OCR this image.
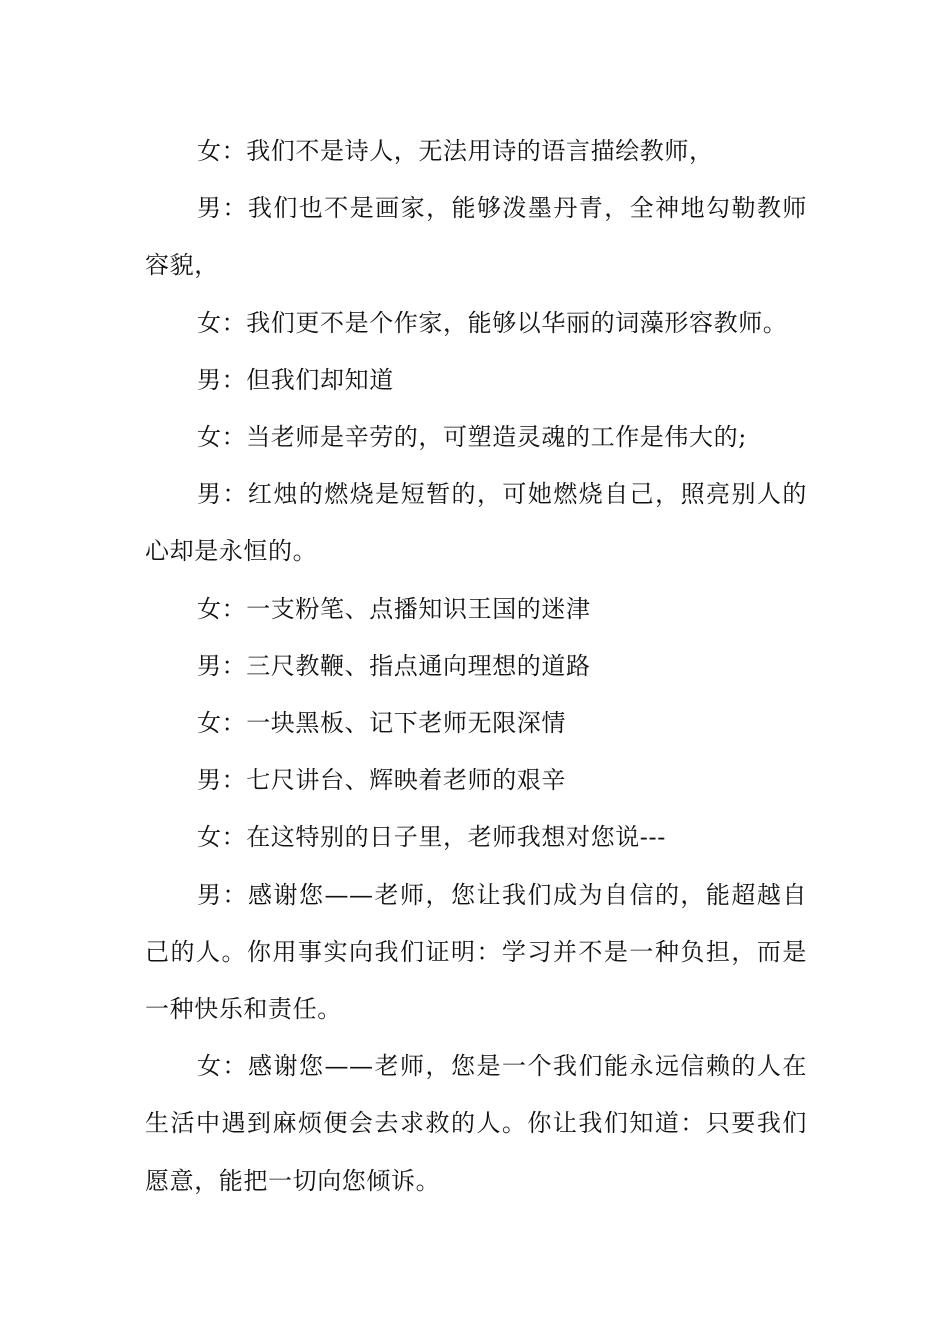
女：我们不是诗人，无法用诗的语言描绘教师，

男：我们也不是画家，能够泼墨丹青，全神地勾勒教师容貌，

女：我们更不是个作家，能够以华丽的词藻形容教师。

男：但我们却知道

女：当老师是辛劳的，可塑造灵魂的工作是伟大的;

男：红烛的燃烧是短暂的，可她燃烧自己，照亮别人的心却是永恒的。

女：一支粉笔、点播知识王国的迷津

男：三尺教鞭、指点通向理想的道路

女：一块黑板、记下老师无限深情

男：七尺讲台、辉映着老师的艰辛

女：在这特别的日子里，老师我想对您说---

男：感谢您——老师，您让我们成为自信的，能超越自己的人。你用事实向我们证明：学习并不是一种负担，而是一种快乐和责任。

女：感谢您——老师，您是一个我们能永远信赖的人在生活中遇到麻烦便会去求救的人。你让我们知道：只要我们愿意，能把一切向您倾诉。
